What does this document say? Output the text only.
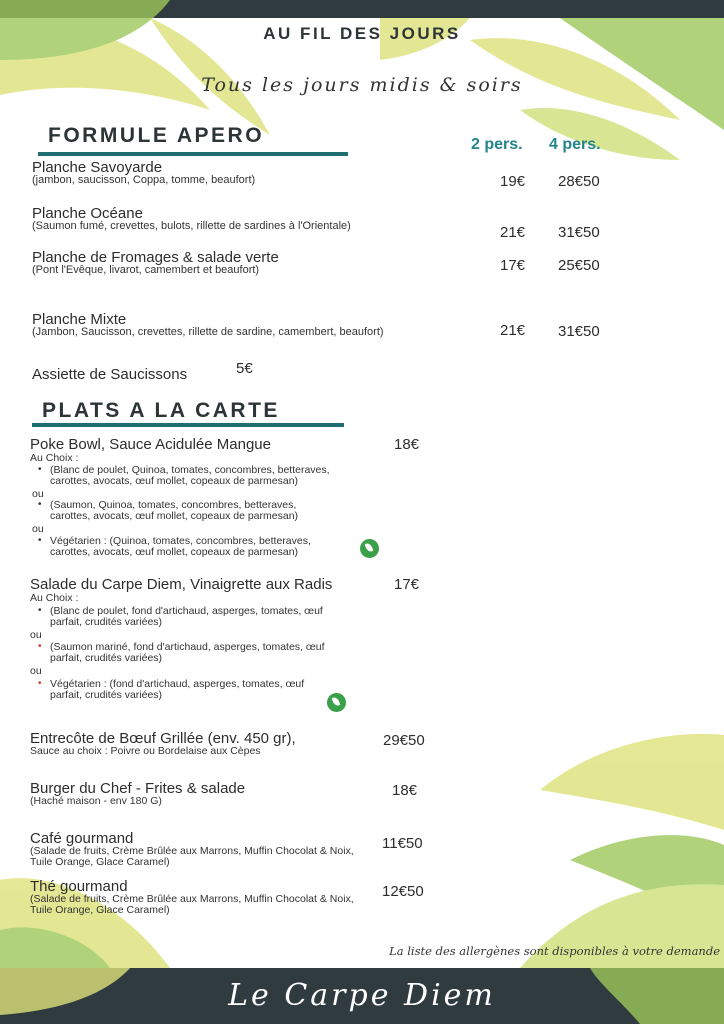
AU FIL DES JOURS
Tous les jours midis & soirs
FORMULE APERO	2 pers. 4 pers.
Planche Savoyarde
(jambon, saucisson, Coppa, tomme, beaufort)	19€ 28€50
Planche Océane
(Saumon fumé, crevettes, bulots, rillette de sardines à l'Orientale)	21€ 31€50
Planche de Fromages & salade verte
(Pont l'Evêque, livarot, camembert et beaufort)	17€ 25€50
Planche Mixte
(Jambon, Saucisson, crevettes, rillette de sardine, camembert, beaufort)	21€ 31€50
Assiette de Saucissons	5€
PLATS A LA CARTE
Poke Bowl, Sauce Acidulée Mangue	18€
Au Choix :
• (Blanc de poulet, Quinoa, tomates, concombres, betteraves,
carottes, avocats, œuf mollet, copeaux de parmesan)
ou
• (Saumon, Quinoa, tomates, concombres, betteraves,
carottes, avocats, œuf mollet, copeaux de parmesan)
ou
• Végétarien : (Quinoa, tomates, concombres, betteraves,
carottes, avocats, œuf mollet, copeaux de parmesan)
Salade du Carpe Diem, Vinaigrette aux Radis	17€
Au Choix :
• (Blanc de poulet, fond d'artichaud, asperges, tomates, œuf
parfait, crudités variées)
ou
• (Saumon mariné, fond d'artichaud, asperges, tomates, œuf
parfait, crudités variées)
ou
• Végétarien : (fond d'artichaud, asperges, tomates, œuf
parfait, crudités variées)
Entrecôte de Bœuf Grillée (env. 450 gr),
Sauce au choix : Poivre ou Bordelaise aux Cèpes
29€50
Burger du Chef - Frites & salade
(Haché maison - env 180 G)
18€
Café gourmand
(Salade de fruits, Crème Brûlée aux Marrons, Muffin Chocolat & Noix,
Tuile Orange, Glace Caramel)
11€50
Thé gourmand
(Salade de fruits, Crème Brûlée aux Marrons, Muffin Chocolat & Noix,
Tuile Orange, Glace Caramel)
12€50
La liste des allergènes sont disponibles à votre demande
Le Carpe Diem
